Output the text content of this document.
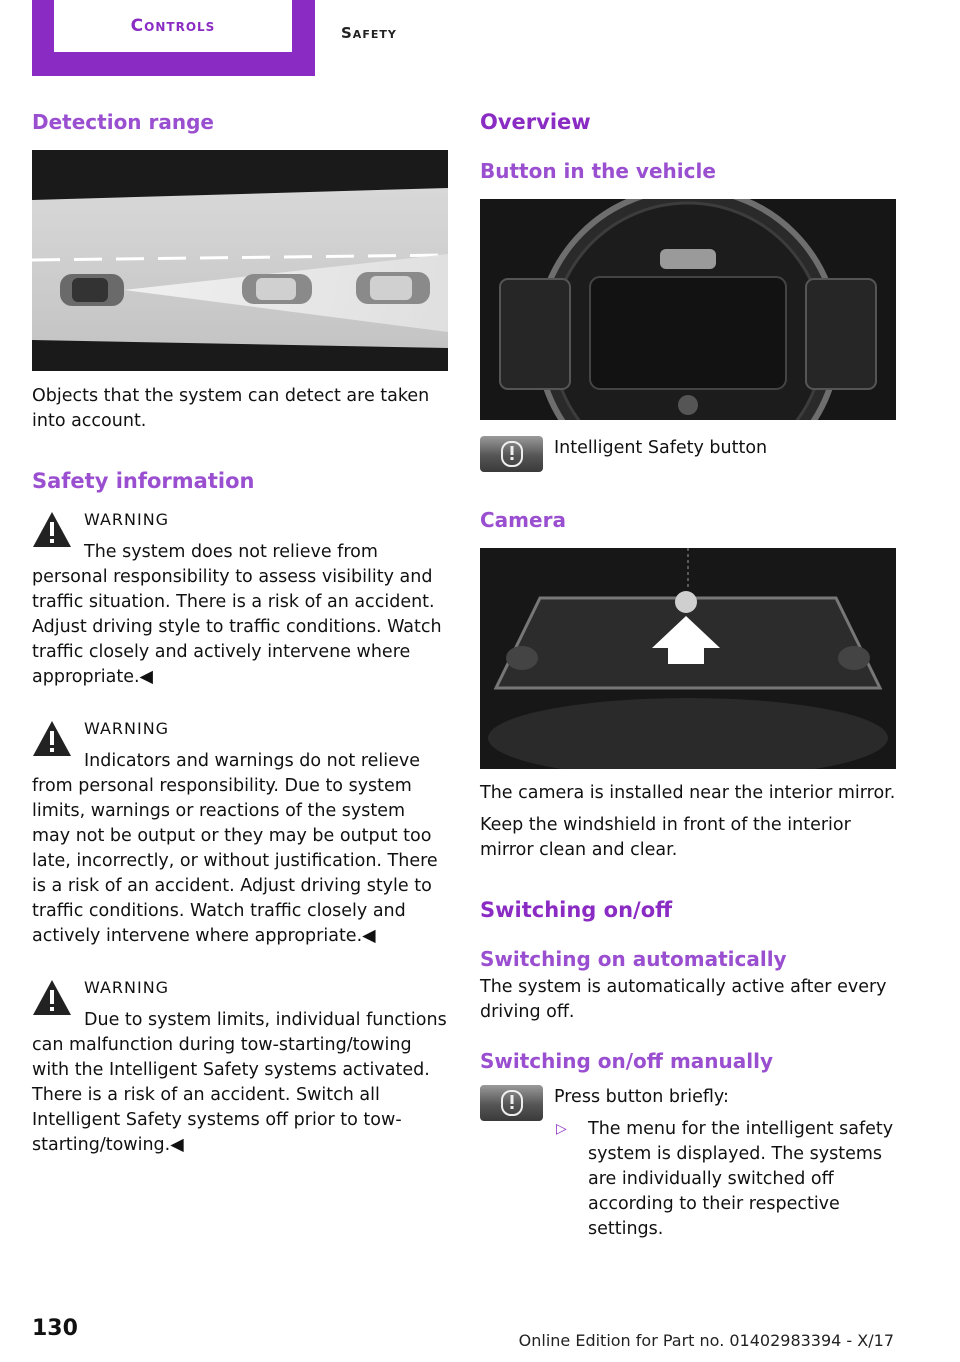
Controls	Safety
Detection range

Objects that the system can detect are taken into account.

Safety information
WARNING

The system does not relieve from personal responsibility to assess visibility and traffic situation. There is a risk of an accident. Adjust driving style to traffic conditions. Watch traffic closely and actively intervene where appropriate.◀

WARNING

Indicators and warnings do not relieve from personal responsibility. Due to system limits, warnings or reactions of the system may not be output or they may be output too late, incorrectly, or without justification. There is a risk of an accident. Adjust driving style to traffic conditions. Watch traffic closely and actively intervene where appropriate.◀

WARNING

Due to system limits, individual functions can malfunction during tow-starting/towing with the Intelligent Safety systems activated. There is a risk of an accident. Switch all Intelligent Safety systems off prior to tow-starting/towing.◀

Overview
Button in the vehicle
Intelligent Safety button
Camera

The camera is installed near the interior mirror.

Keep the windshield in front of the interior mirror clean and clear.

Switching on/off
Switching on automatically

The system is automatically active after every driving off.

Switching on/off manually
Press button briefly:
▷ The menu for the intelligent safety system is displayed. The systems are individually switched off according to their respective settings.
130	Online Edition for Part no. 01402983394 - X/17
